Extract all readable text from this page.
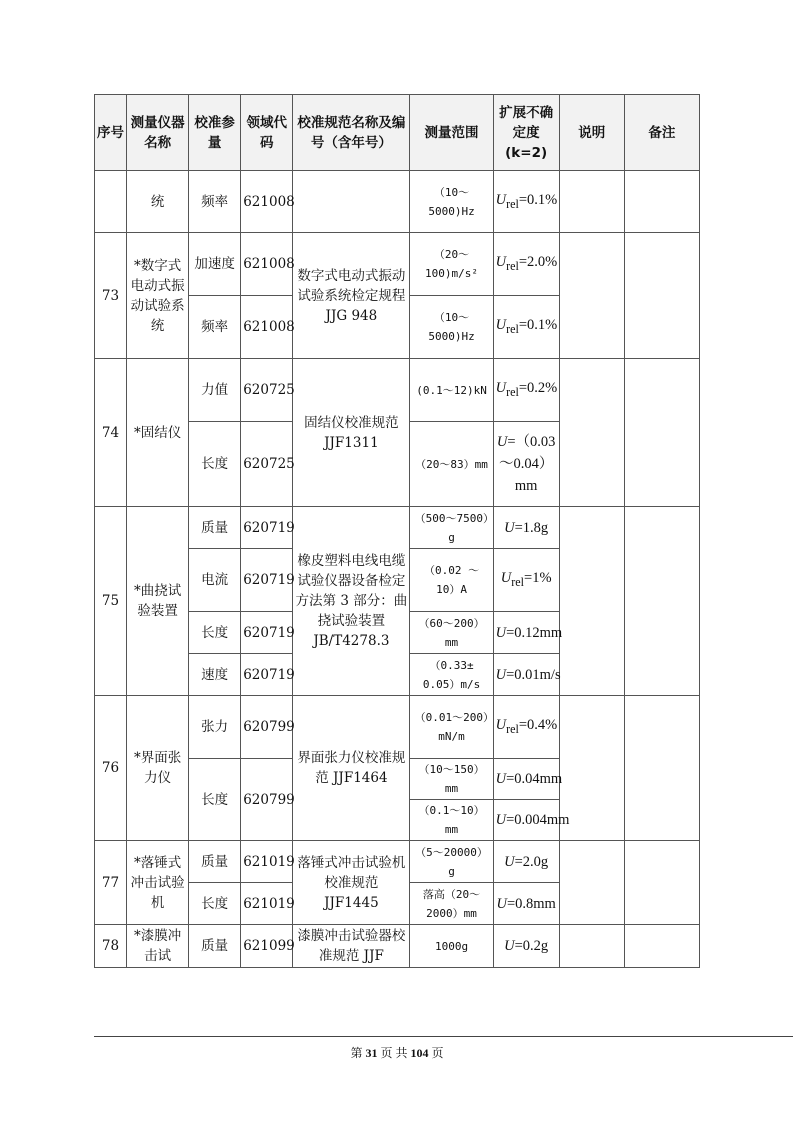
序号	测量仪器名称	校准参量	领域代码	校准规范名称及编号（含年号）	测量范围	扩展不确定度(k=2)	说明	备注
	统	频率	621008		（10～5000)Hz	$U_{rel}=0.1\%$		
73	*数字式电动式振动试验系统	加速度	621008	数字式电动式振动试验系统检定规程 JJG 948	（20～100)m/s²	$U_{rel}=2.0\%$		
		频率	621008		（10～5000)Hz	$U_{rel}=0.1\%$		
74	*固结仪	力值	620725	固结仪校准规范 JJF1311	(0.1～12)kN	$U_{rel}=0.2\%$		
		长度	620725		（20～83）mm	U=（0.03～0.04）mm		
75	*曲挠试验装置	质量	620719	橡皮塑料电线电缆试验仪器设备检定方法第 3 部分：曲挠试验装置 JB/T4278.3	（500～7500）g	U=1.8g		
		电流	620719		（0.02 ～ 10）A	$U_{rel}=1\%$		
		长度	620719		（60～200）mm	U=0.12mm		
		速度	620719		（0.33± 0.05）m/s	U=0.01m/s		
76	*界面张力仪	张力	620799	界面张力仪校准规范 JJF1464	（0.01～200）mN/m	$U_{rel}=0.4\%$		
		长度	620799		（10～150）mm	U=0.04mm		
					（0.1～10）mm	U=0.004mm		
77	*落锤式冲击试验机	质量	621019	落锤式冲击试验机校准规范 JJF1445	（5～20000）g	U=2.0g		
		长度	621019		落高（20～2000）mm	U=0.8mm		
78	*漆膜冲击试	质量	621099	漆膜冲击试验器校准规范 JJF	1000g	U=0.2g		
第 31 页 共 104 页
